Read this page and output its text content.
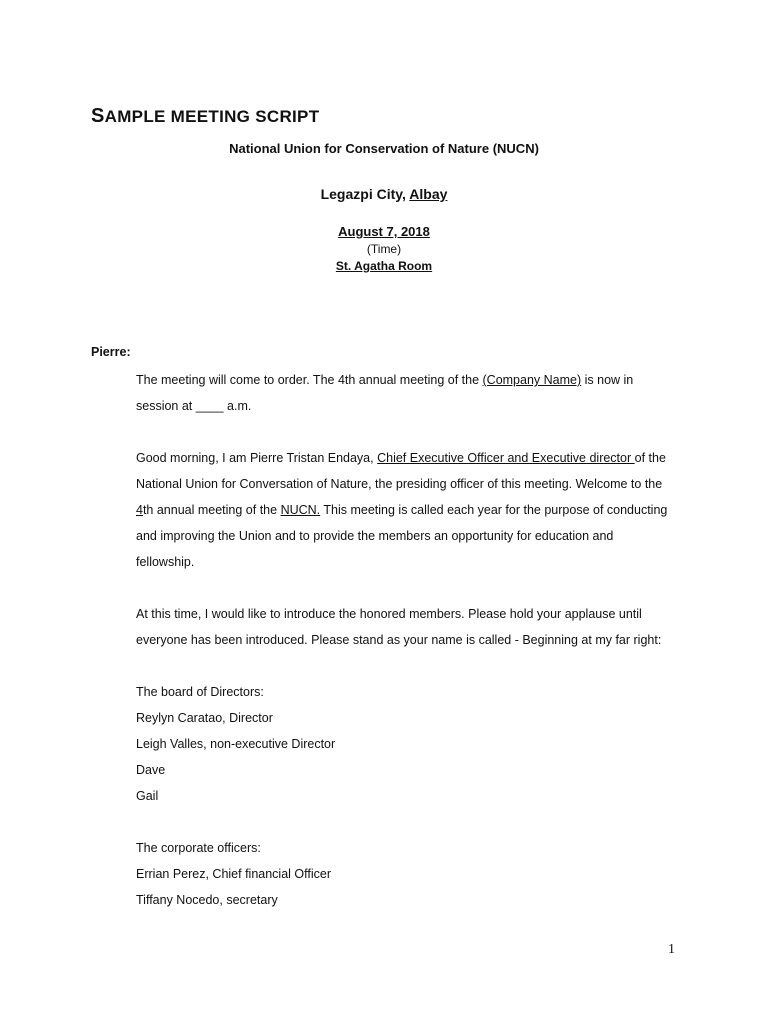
SAMPLE MEETING SCRIPT
National Union for Conservation of Nature (NUCN)
Legazpi City, Albay
August 7, 2018
(Time)
St. Agatha Room
Pierre:
The meeting will come to order. The 4th annual meeting of the (Company Name) is now in
session at ____ a.m.
Good morning, I am Pierre Tristan Endaya, Chief Executive Officer and Executive director of the
National Union for Conversation of Nature, the presiding officer of this meeting. Welcome to the
4th annual meeting of the NUCN. This meeting is called each year for the purpose of conducting
and improving the Union and to provide the members an opportunity for education and
fellowship.
At this time, I would like to introduce the honored members. Please hold your applause until
everyone has been introduced. Please stand as your name is called - Beginning at my far right:
The board of Directors:
Reylyn Caratao, Director
Leigh Valles, non-executive Director
Dave
Gail
The corporate officers:
Errian Perez, Chief financial Officer
Tiffany Nocedo, secretary
1
